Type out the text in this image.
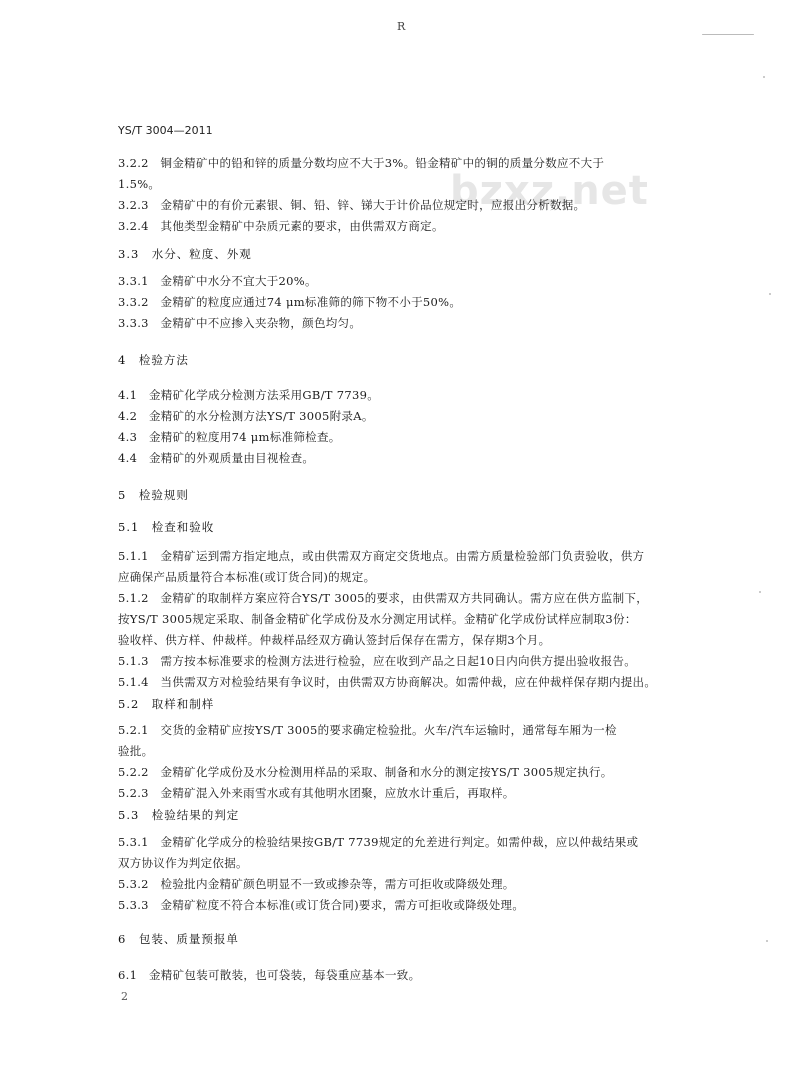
R
YS/T 3004—2011
bzxz.net
3.2.2　铜金精矿中的铅和锌的质量分数均应不大于3%。铅金精矿中的铜的质量分数应不大于
1.5%。
3.2.3　金精矿中的有价元素银、铜、铅、锌、锑大于计价品位规定时，应报出分析数据。
3.2.4　其他类型金精矿中杂质元素的要求，由供需双方商定。
3.3　水分、粒度、外观
3.3.1　金精矿中水分不宜大于20%。
3.3.2　金精矿的粒度应通过74 μm标准筛的筛下物不小于50%。
3.3.3　金精矿中不应掺入夹杂物，颜色均匀。
4　检验方法
4.1　金精矿化学成分检测方法采用GB/T 7739。
4.2　金精矿的水分检测方法YS/T 3005附录A。
4.3　金精矿的粒度用74 μm标准筛检查。
4.4　金精矿的外观质量由目视检查。
5　检验规则
5.1　检查和验收
5.1.1　金精矿运到需方指定地点，或由供需双方商定交货地点。由需方质量检验部门负责验收，供方
应确保产品质量符合本标准(或订货合同)的规定。
5.1.2　金精矿的取制样方案应符合YS/T 3005的要求，由供需双方共同确认。需方应在供方监制下，
按YS/T 3005规定采取、制备金精矿化学成份及水分测定用试样。金精矿化学成份试样应制取3份：
验收样、供方样、仲裁样。仲裁样品经双方确认签封后保存在需方，保存期3个月。
5.1.3　需方按本标准要求的检测方法进行检验，应在收到产品之日起10日内向供方提出验收报告。
5.1.4　当供需双方对检验结果有争议时，由供需双方协商解决。如需仲裁，应在仲裁样保存期内提出。
5.2　取样和制样
5.2.1　交货的金精矿应按YS/T 3005的要求确定检验批。火车/汽车运输时，通常每车厢为一检
验批。
5.2.2　金精矿化学成份及水分检测用样品的采取、制备和水分的测定按YS/T 3005规定执行。
5.2.3　金精矿混入外来雨雪水或有其他明水团聚，应放水计重后，再取样。
5.3　检验结果的判定
5.3.1　金精矿化学成分的检验结果按GB/T 7739规定的允差进行判定。如需仲裁，应以仲裁结果或
双方协议作为判定依据。
5.3.2　检验批内金精矿颜色明显不一致或掺杂等，需方可拒收或降级处理。
5.3.3　金精矿粒度不符合本标准(或订货合同)要求，需方可拒收或降级处理。
6　包装、质量预报单
6.1　金精矿包装可散装，也可袋装，每袋重应基本一致。
2
